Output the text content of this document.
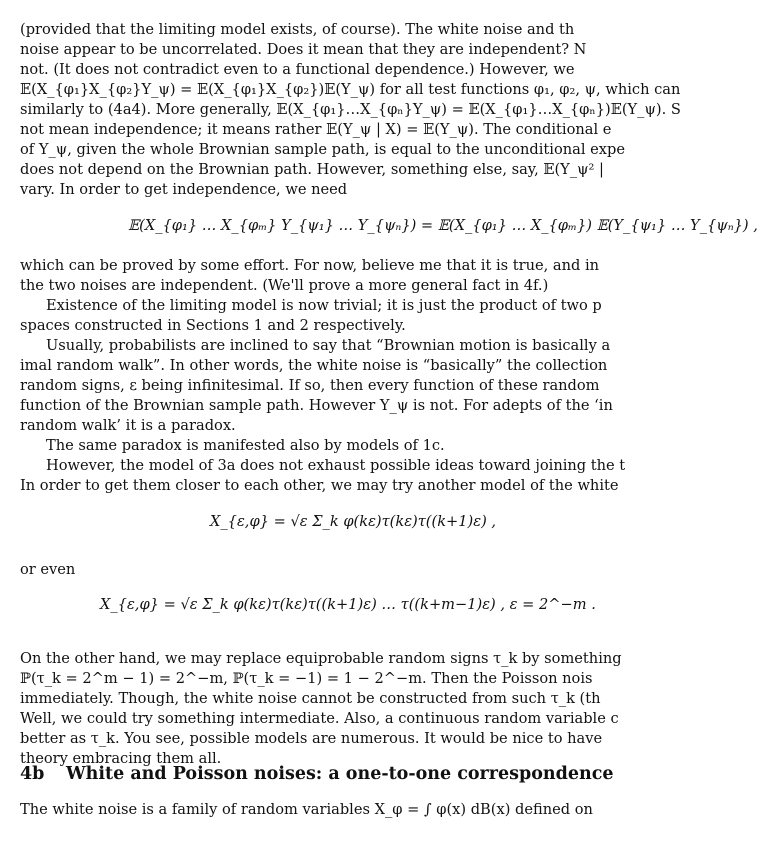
(provided that the limiting model exists, of course). The white noise and th
noise appear to be uncorrelated. Does it mean that they are independent? N
not. (It does not contradict even to a functional dependence.) However, we
𝔼(X_{φ₁}X_{φ₂}Y_ψ) = 𝔼(X_{φ₁}X_{φ₂})𝔼(Y_ψ) for all test functions φ₁, φ₂, ψ, which can
similarly to (4a4). More generally, 𝔼(X_{φ₁}…X_{φₙ}Y_ψ) = 𝔼(X_{φ₁}…X_{φₙ})𝔼(Y_ψ). S
not mean independence; it means rather 𝔼(Y_ψ | X) = 𝔼(Y_ψ). The conditional e
of Y_ψ, given the whole Brownian sample path, is equal to the unconditional expe
does not depend on the Brownian path. However, something else, say, 𝔼(Y_ψ² |
vary. In order to get independence, we need
𝔼(X_{φ₁} … X_{φₘ} Y_{ψ₁} … Y_{ψₙ}) = 𝔼(X_{φ₁} … X_{φₘ}) 𝔼(Y_{ψ₁} … Y_{ψₙ}) ,
which can be proved by some effort. For now, believe me that it is true, and in
the two noises are independent. (We'll prove a more general fact in 4f.)
Existence of the limiting model is now trivial; it is just the product of two p
spaces constructed in Sections 1 and 2 respectively.
Usually, probabilists are inclined to say that “Brownian motion is basically a
imal random walk”. In other words, the white noise is “basically” the collection
random signs, ε being infinitesimal. If so, then every function of these random
function of the Brownian sample path. However Y_ψ is not. For adepts of the ‘in
random walk’ it is a paradox.
The same paradox is manifested also by models of 1c.
However, the model of 3a does not exhaust possible ideas toward joining the t
In order to get them closer to each other, we may try another model of the white
X_{ε,φ} = √ε Σ_k φ(kε)τ(kε)τ((k+1)ε) ,
or even
X_{ε,φ} = √ε Σ_k φ(kε)τ(kε)τ((k+1)ε) … τ((k+m−1)ε) , ε = 2^−m .
On the other hand, we may replace equiprobable random signs τ_k by something
ℙ(τ_k = 2^m − 1) = 2^−m, ℙ(τ_k = −1) = 1 − 2^−m. Then the Poisson nois
immediately. Though, the white noise cannot be constructed from such τ_k (th
Well, we could try something intermediate. Also, a continuous random variable c
better as τ_k. You see, possible models are numerous. It would be nice to have
theory embracing them all.
4b White and Poisson noises: a one-to-one correspondence
The white noise is a family of random variables X_φ = ∫ φ(x) dB(x) defined on
